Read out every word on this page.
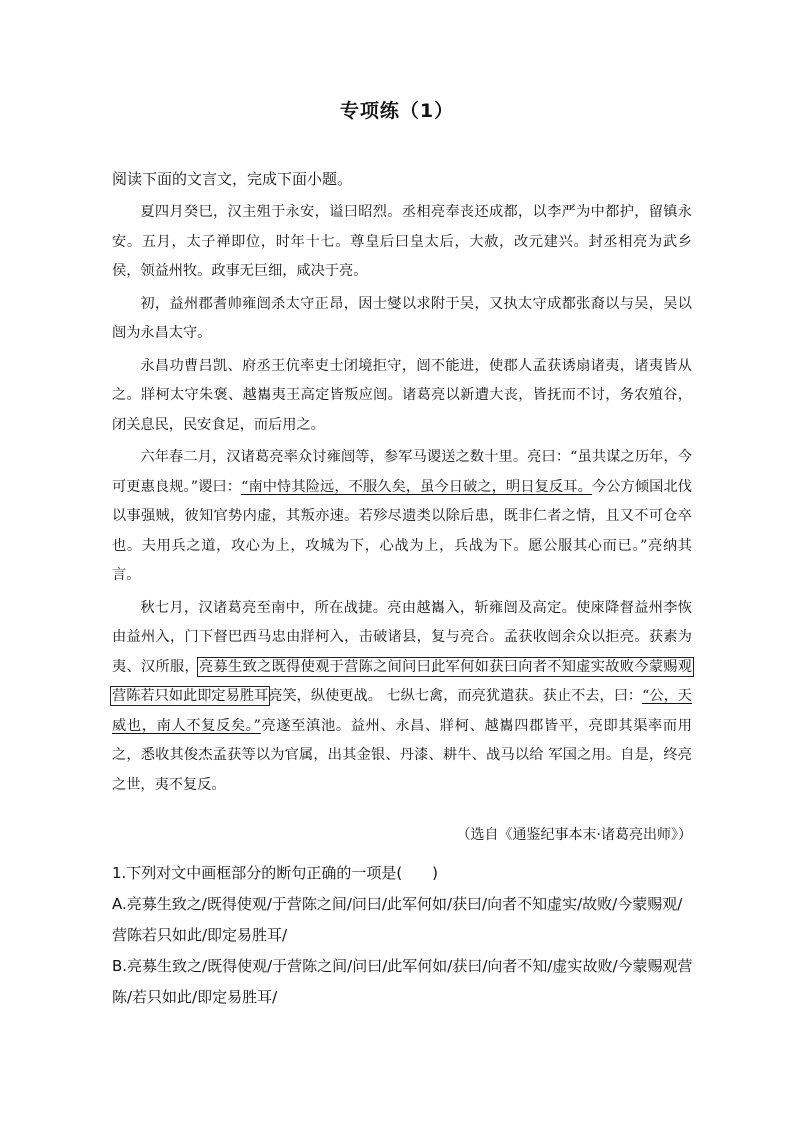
专项练（1）
阅读下面的文言文，完成下面小题。

夏四月癸巳，汉主殂于永安，谥曰昭烈。丞相亮奉丧还成都，以李严为中都护，留镇永安。五月，太子禅即位，时年十七。尊皇后曰皇太后，大赦，改元建兴。封丞相亮为武乡侯，领益州牧。政事无巨细，咸决于亮。

初，益州郡耆帅雍闿杀太守正昂，因士燮以求附于吴，又执太守成都张裔以与吴，吴以闿为永昌太守。

永昌功曹吕凯、府丞王伉率吏士闭境拒守，闿不能进，使郡人孟获诱扇诸夷，诸夷皆从之。牂柯太守朱褒、越巂夷王高定皆叛应闿。诸葛亮以新遭大丧，皆抚而不讨，务农殖谷，闭关息民，民安食足，而后用之。

六年春二月，汉诸葛亮率众讨雍闿等，参军马谡送之数十里。亮曰：“虽共谋之历年，今可更惠良规。”谡曰：“南中恃其险远，不服久矣，虽今日破之，明日复反耳。今公方倾国北伐以事强贼，彼知官势内虚，其叛亦速。若殄尽遗类以除后患，既非仁者之情，且又不可仓卒也。夫用兵之道，攻心为上，攻城为下，心战为上，兵战为下。愿公服其心而已。”亮纳其言。

秋七月，汉诸葛亮至南中，所在战捷。亮由越巂入，斩雍闿及高定。使庲降督益州李恢由益州入，门下督巴西马忠由牂柯入，击破诸县，复与亮合。孟获收闿余众以拒亮。获素为夷、汉所服，亮募生致之既得使观于营陈之间问曰此军何如获曰向者不知虚实故败今蒙赐观营陈若只如此即定易胜耳亮笑，纵使更战。 七纵七禽，而亮犹遣获。获止不去，曰：“公，天威也，南人不复反矣。”亮遂至滇池。益州、永昌、牂柯、越巂四郡皆平，亮即其渠率而用之，悉收其俊杰孟获等以为官属，出其金银、丹漆、耕牛、战马以给 军国之用。自是，终亮之世，夷不复反。

（选自《通鉴纪事本末·诸葛亮出师》）
1.下列对文中画框部分的断句正确的一项是(　　)
A.亮募生致之/既得使观/于营陈之间/问曰/此军何如/获曰/向者不知虚实/故败/今蒙赐观/营陈若只如此/即定易胜耳/
B.亮募生致之/既得使观/于营陈之间/问曰/此军何如/获曰/向者不知/虚实故败/今蒙赐观营陈/若只如此/即定易胜耳/
